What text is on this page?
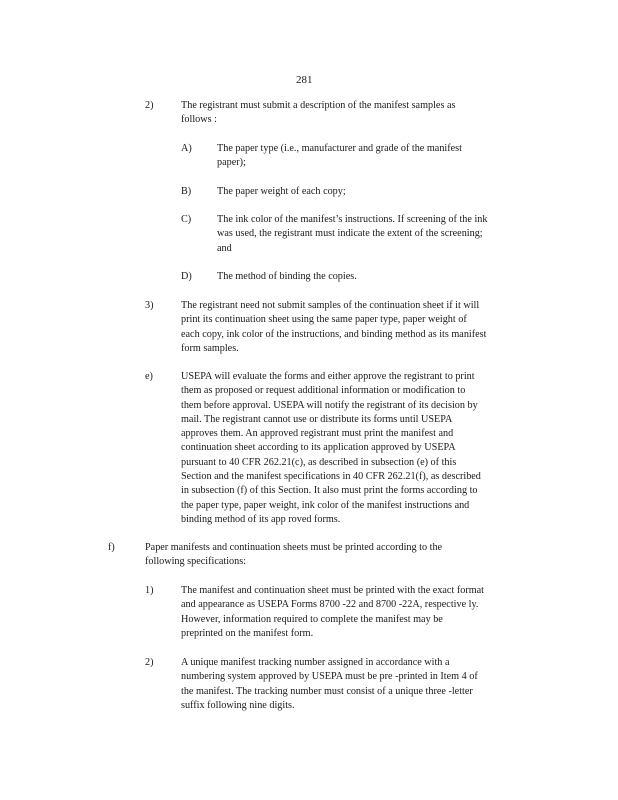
281
2)	The registrant must submit a description of the manifest samples as
follows :
A) The paper type (i.e., manufacturer and grade of the manifest
paper);
B)	The paper weight of each copy;
C)	The ink color of the manifest’s instructions. If screening of the ink
was used, the registrant must indicate the extent of the screening;
and
D) The method of binding the copies.
3)	The registrant need not submit samples of the continuation sheet if it will
print its continuation sheet using the same paper type, paper weight of
each copy, ink color of the instructions, and binding method as its manifest
form samples.
e)	USEPA will evaluate the forms and either approve the registrant to print
them as proposed or request additional information or modification to
them before approval. USEPA will notify the registrant of its decision by
mail. The registrant cannot use or distribute its forms until USEPA
approves them. An approved registrant must print the manifest and
continuation sheet according to its application approved by USEPA
pursuant to 40 CFR 262.21(c), as described in subsection (e) of this
Section and the manifest specifications in 40 CFR 262.21(f), as described
in subsection (f) of this Section. It also must print the forms according to
the paper type, paper weight, ink color of the manifest instructions and
binding method of its app roved forms.
f)	Paper manifests and continuation sheets must be printed according to the
following specifications:
1)	The manifest and continuation sheet must be printed with the exact format
and appearance as USEPA Forms 8700 -22 and 8700 -22A, respective ly.
However, information required to complete the manifest may be
preprinted on the manifest form.
2)	A unique manifest tracking number assigned in accordance with a
numbering system approved by USEPA must be pre -printed in Item 4 of
the manifest. The tracking number must consist of a unique three -letter
suffix following nine digits.
